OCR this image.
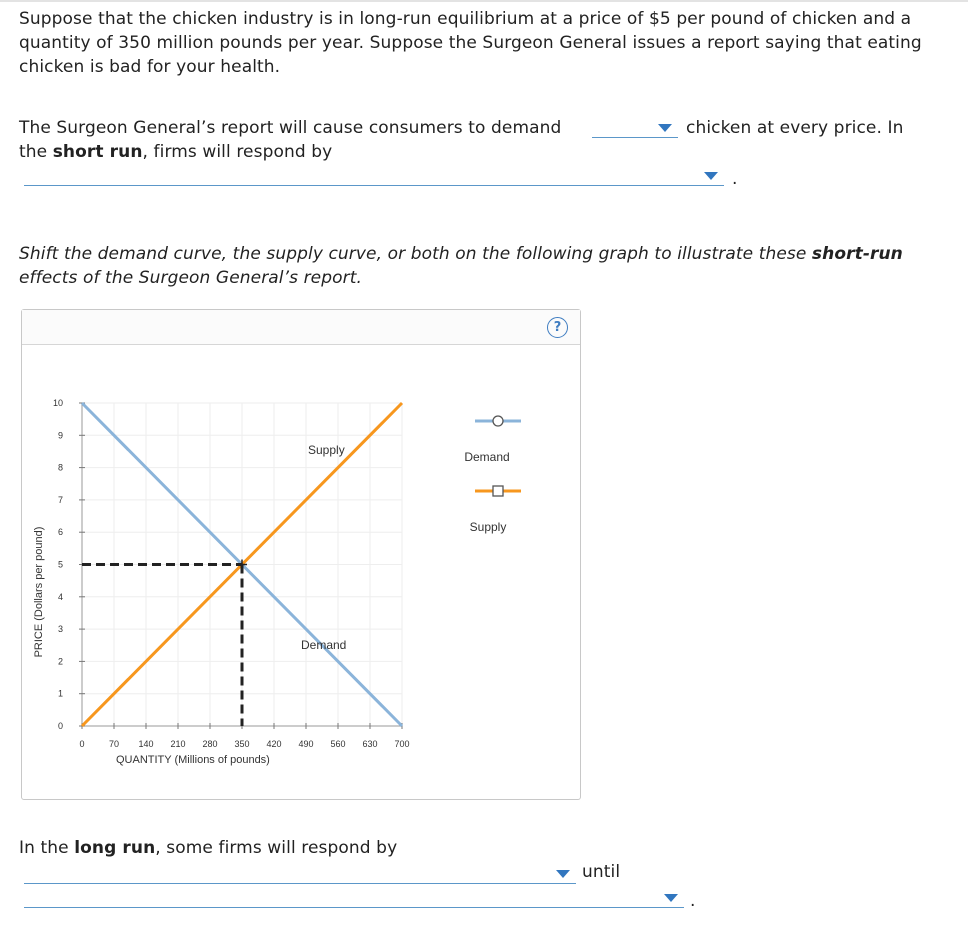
Suppose that the chicken industry is in long-run equilibrium at a price of $5 per pound of chicken and a quantity of 350 million pounds per year. Suppose the Surgeon General issues a report saying that eating chicken is bad for your health.
The Surgeon General’s report will cause consumers to demand	chicken at every price. In
the short run, firms will respond by
.
Shift the demand curve, the supply curve, or both on the following graph to illustrate these short-run effects of the Surgeon General’s report.
?
0	70 140 210 280 350 420 490 560 630 700
0
1
2
3
4
5
6
7
8
9
10
QUANTITY (Millions of pounds)
PRICE (Dollars per pound)
Supply
Demand
Demand
Supply
In the long run, some firms will respond by
until
.
